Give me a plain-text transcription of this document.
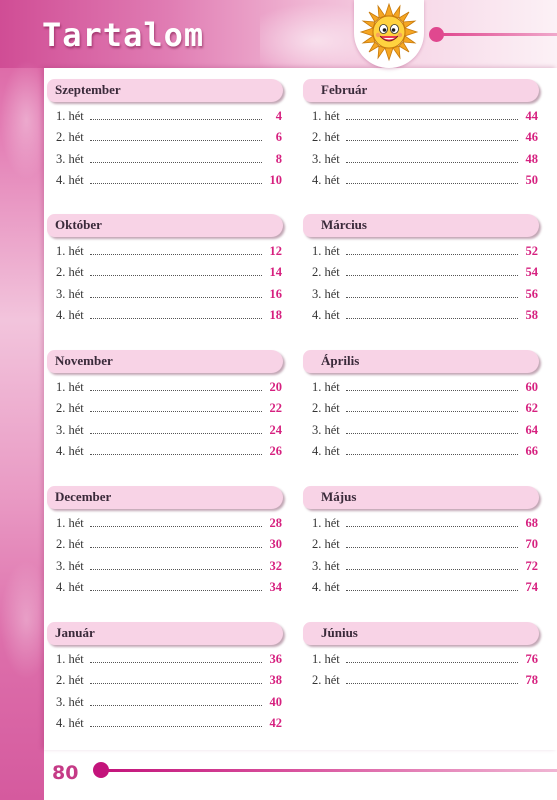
Tartalom
Szeptember
1. hét	4
2. hét	6
3. hét	8
4. hét	10
Október
1. hét	12
2. hét	14
3. hét	16
4. hét	18
November
1. hét	20
2. hét	22
3. hét	24
4. hét	26
December
1. hét	28
2. hét	30
3. hét	32
4. hét	34
Január
1. hét	36
2. hét	38
3. hét	40
4. hét	42
Február
1. hét	44
2. hét	46
3. hét	48
4. hét	50
Március
1. hét	52
2. hét	54
3. hét	56
4. hét	58
Április
1. hét	60
2. hét	62
3. hét	64
4. hét	66
Május
1. hét	68
2. hét	70
3. hét	72
4. hét	74
Június
1. hét	76
2. hét	78
80
